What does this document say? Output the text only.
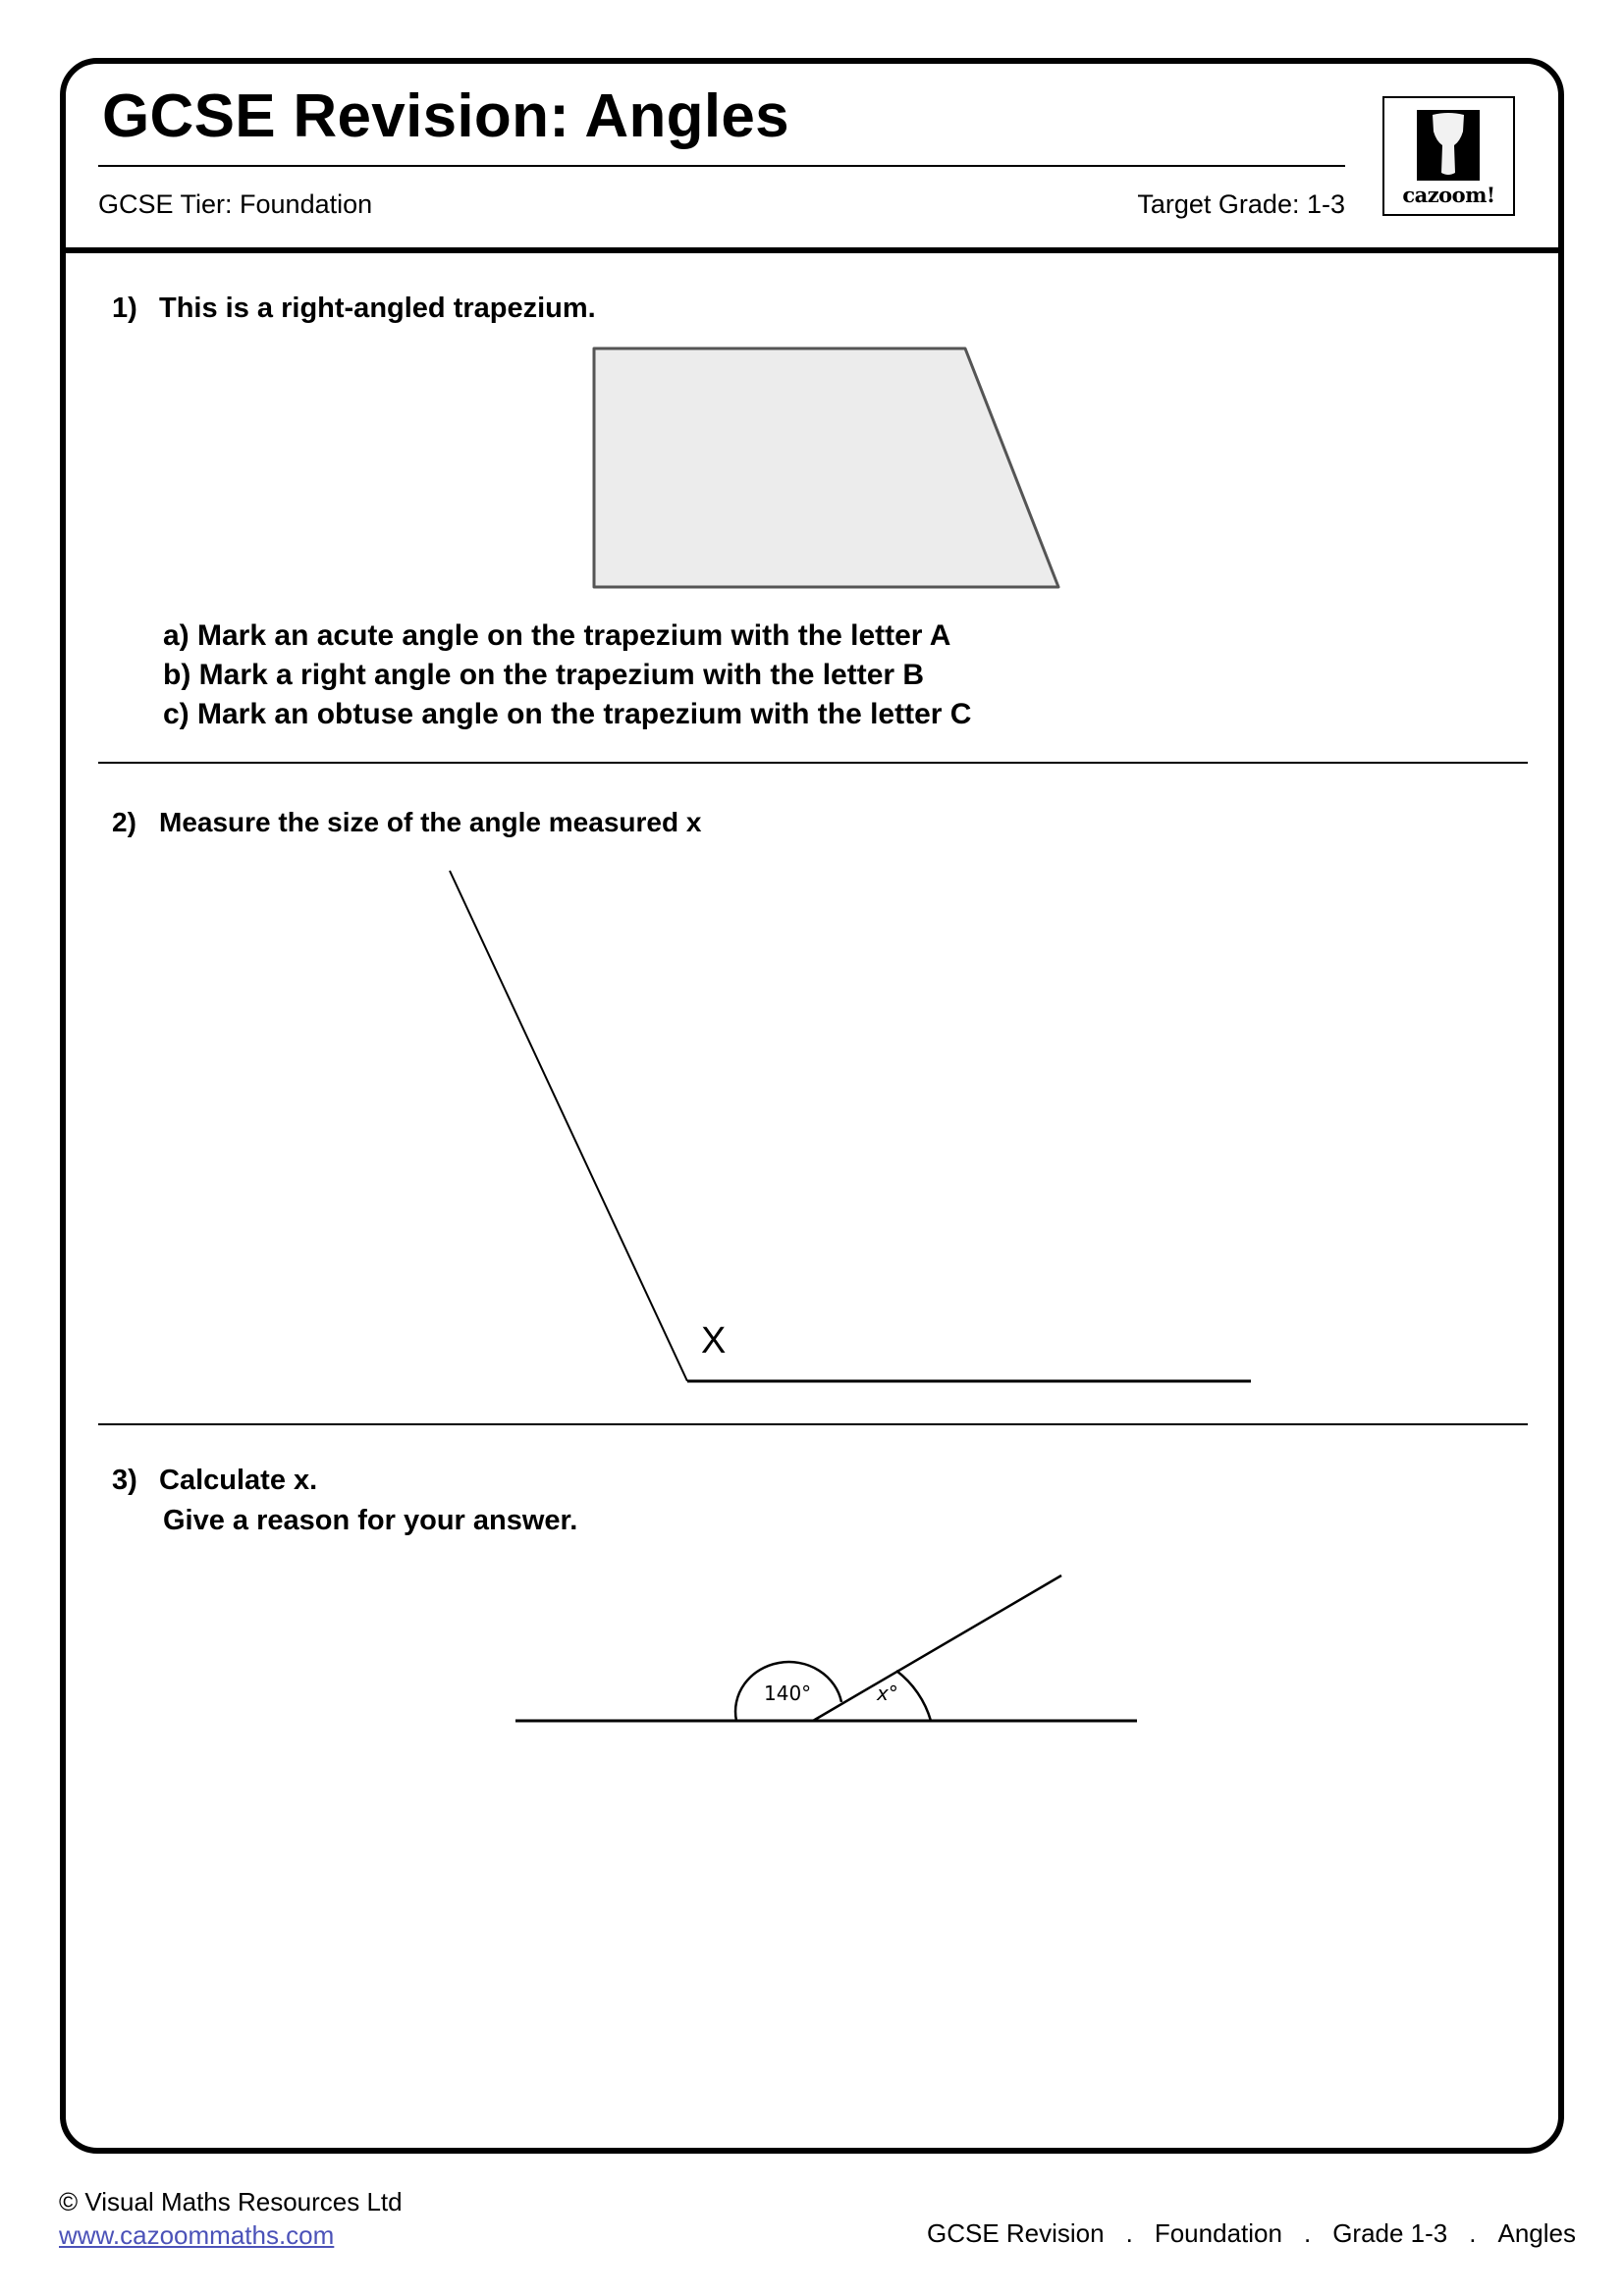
GCSE Revision: Angles
GCSE Tier: Foundation	Target Grade: 1-3	cazoom!
1) This is a right-angled trapezium.
a) Mark an acute angle on the trapezium with the letter A
b) Mark a right angle on the trapezium with the letter B
c) Mark an obtuse angle on the trapezium with the letter C
2) Measure the size of the angle measured x
X
3) Calculate x.
Give a reason for your answer.
140°	x°
© Visual Maths Resources Ltd
www.cazoommaths.com	GCSE Revision . Foundation . Grade 1-3 . Angles
